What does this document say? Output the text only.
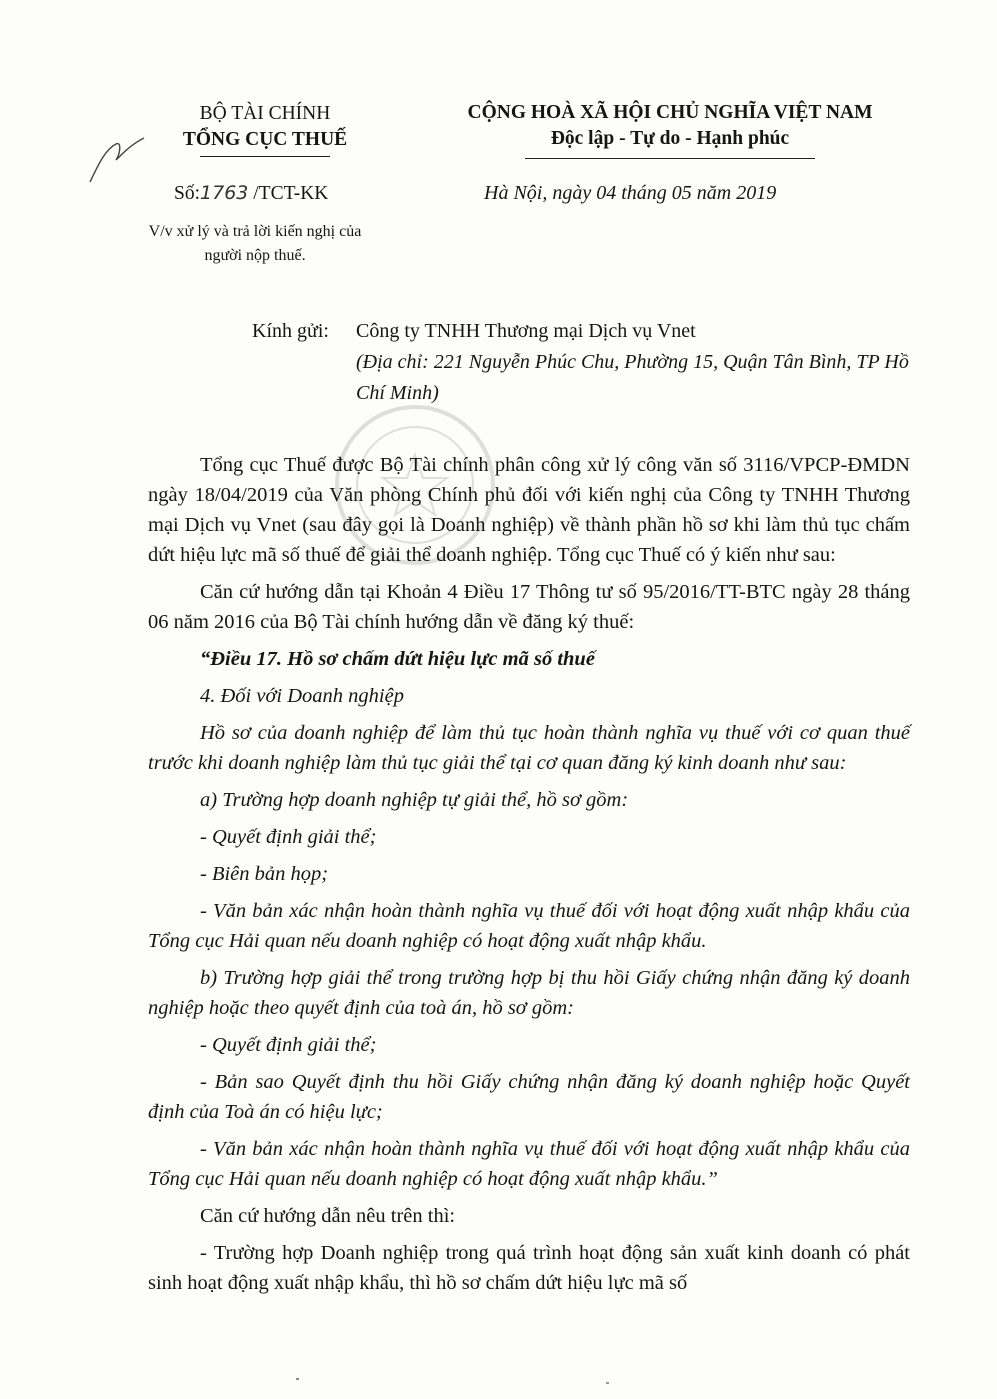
BỘ TÀI CHÍNH
TỔNG CỤC THUẾ
Số:1763 /TCT-KK
V/v xử lý và trả lời kiến nghị của người nộp thuế.
CỘNG HOÀ XÃ HỘI CHỦ NGHĨA VIỆT NAM
Độc lập - Tự do - Hạnh phúc
Hà Nội, ngày 04 tháng 05 năm 2019
Kính gửi: Công ty TNHH Thương mại Dịch vụ Vnet
(Địa chỉ: 221 Nguyễn Phúc Chu, Phường 15, Quận Tân Bình, TP Hồ Chí Minh)

Tổng cục Thuế được Bộ Tài chính phân công xử lý công văn số 3116/VPCP-ĐMDN ngày 18/04/2019 của Văn phòng Chính phủ đối với kiến nghị của Công ty TNHH Thương mại Dịch vụ Vnet (sau đây gọi là Doanh nghiệp) về thành phần hồ sơ khi làm thủ tục chấm dứt hiệu lực mã số thuế để giải thể doanh nghiệp. Tổng cục Thuế có ý kiến như sau:

Căn cứ hướng dẫn tại Khoản 4 Điều 17 Thông tư số 95/2016/TT-BTC ngày 28 tháng 06 năm 2016 của Bộ Tài chính hướng dẫn về đăng ký thuế:

“Điều 17. Hồ sơ chấm dứt hiệu lực mã số thuế

4. Đối với Doanh nghiệp

Hồ sơ của doanh nghiệp để làm thủ tục hoàn thành nghĩa vụ thuế với cơ quan thuế trước khi doanh nghiệp làm thủ tục giải thể tại cơ quan đăng ký kinh doanh như sau:

a) Trường hợp doanh nghiệp tự giải thể, hồ sơ gồm:

- Quyết định giải thể;

- Biên bản họp;

- Văn bản xác nhận hoàn thành nghĩa vụ thuế đối với hoạt động xuất nhập khẩu của Tổng cục Hải quan nếu doanh nghiệp có hoạt động xuất nhập khẩu.

b) Trường hợp giải thể trong trường hợp bị thu hồi Giấy chứng nhận đăng ký doanh nghiệp hoặc theo quyết định của toà án, hồ sơ gồm:

- Quyết định giải thể;

- Bản sao Quyết định thu hồi Giấy chứng nhận đăng ký doanh nghiệp hoặc Quyết định của Toà án có hiệu lực;

- Văn bản xác nhận hoàn thành nghĩa vụ thuế đối với hoạt động xuất nhập khẩu của Tổng cục Hải quan nếu doanh nghiệp có hoạt động xuất nhập khẩu.”

Căn cứ hướng dẫn nêu trên thì:

- Trường hợp Doanh nghiệp trong quá trình hoạt động sản xuất kinh doanh có phát sinh hoạt động xuất nhập khẩu, thì hồ sơ chấm dứt hiệu lực mã số
